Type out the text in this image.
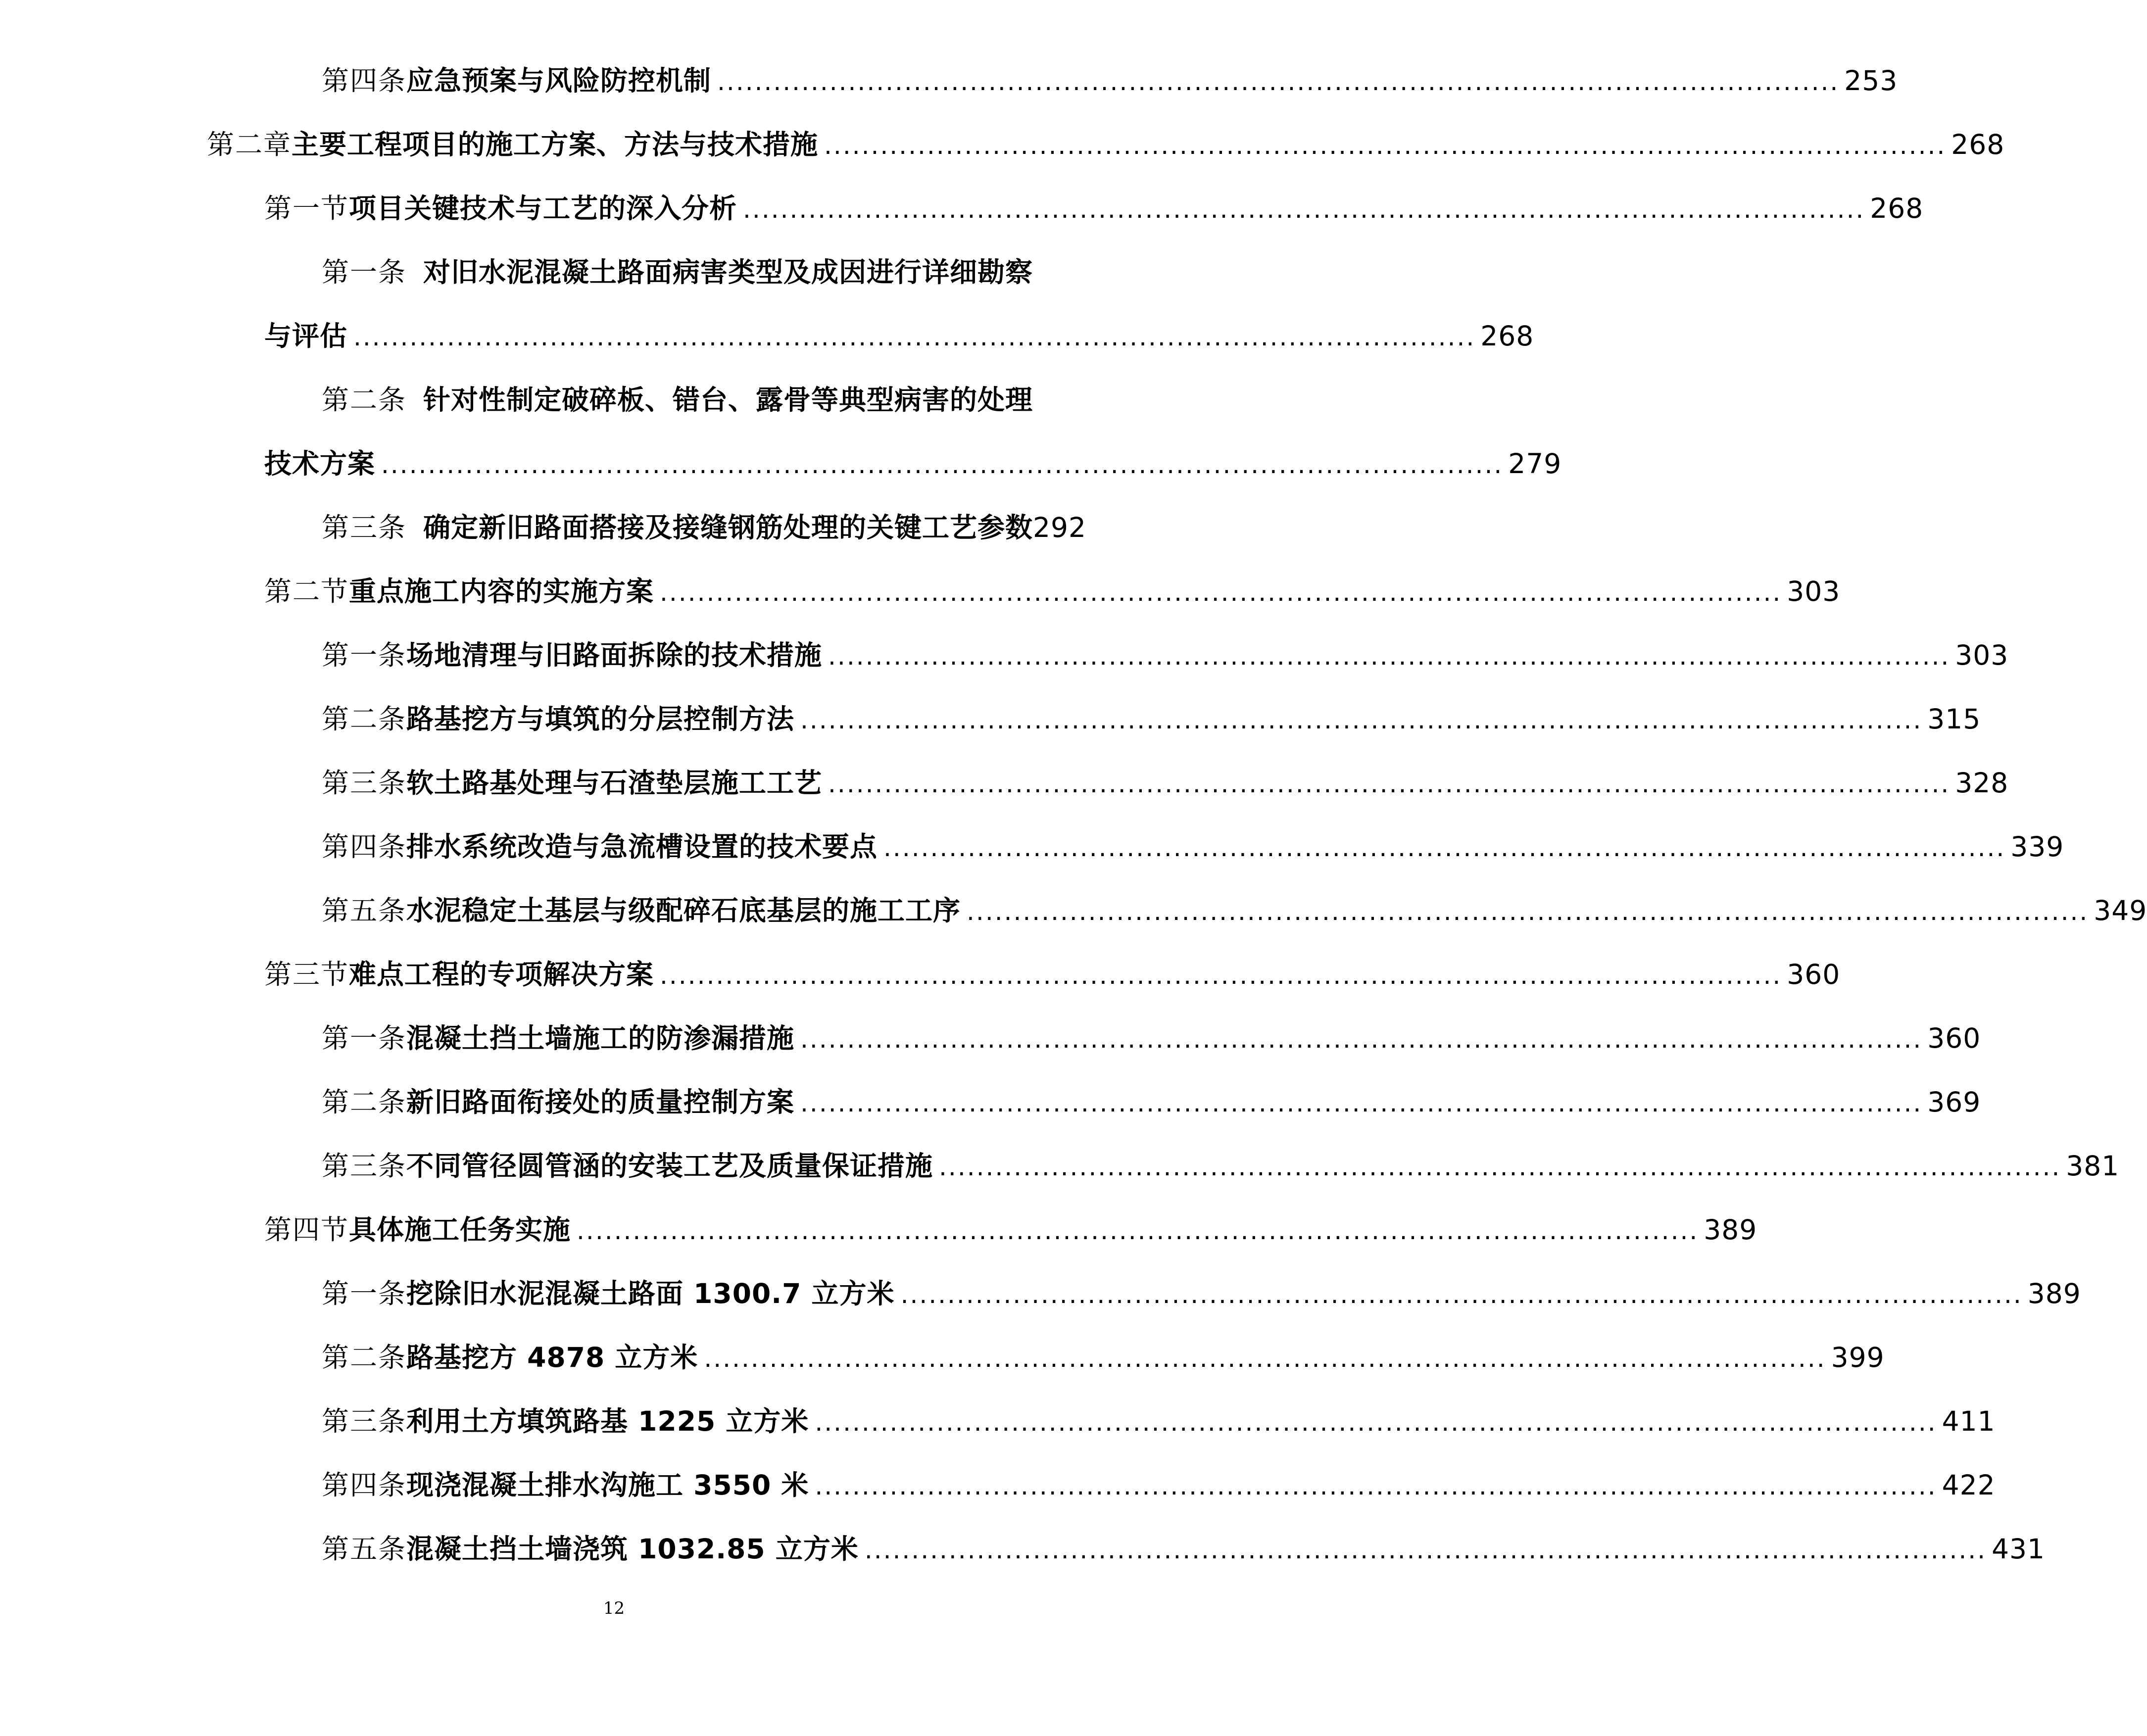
第四条 应急预案与风险防控机制 ........................................................................................................................ 253
第二章 主要工程项目的施工方案、方法与技术措施 ........................................................................................................................ 268
第一节 项目关键技术与工艺的深入分析 ........................................................................................................................ 268
第一条 对旧水泥混凝土路面病害类型及成因进行详细勘察
与评估 ........................................................................................................................ 268
第二条 针对性制定破碎板、错台、露骨等典型病害的处理
技术方案 ........................................................................................................................ 279
第三条 确定新旧路面搭接及接缝钢筋处理的关键工艺参数 292
第二节 重点施工内容的实施方案 ........................................................................................................................ 303
第一条 场地清理与旧路面拆除的技术措施 ........................................................................................................................ 303
第二条 路基挖方与填筑的分层控制方法 ........................................................................................................................ 315
第三条 软土路基处理与石渣垫层施工工艺 ........................................................................................................................ 328
第四条 排水系统改造与急流槽设置的技术要点 ........................................................................................................................ 339
第五条 水泥稳定土基层与级配碎石底基层的施工工序 ........................................................................................................................ 349
第三节 难点工程的专项解决方案 ........................................................................................................................ 360
第一条 混凝土挡土墙施工的防渗漏措施 ........................................................................................................................ 360
第二条 新旧路面衔接处的质量控制方案 ........................................................................................................................ 369
第三条 不同管径圆管涵的安装工艺及质量保证措施 ........................................................................................................................ 381
第四节 具体施工任务实施 ........................................................................................................................ 389
第一条 挖除旧水泥混凝土路面 1300.7 立方米 ........................................................................................................................ 389
第二条 路基挖方 4878 立方米 ........................................................................................................................ 399
第三条 利用土方填筑路基 1225 立方米 ........................................................................................................................ 411
第四条 现浇混凝土排水沟施工 3550 米 ........................................................................................................................ 422
第五条 混凝土挡土墙浇筑 1032.85 立方米 ........................................................................................................................ 431
12
